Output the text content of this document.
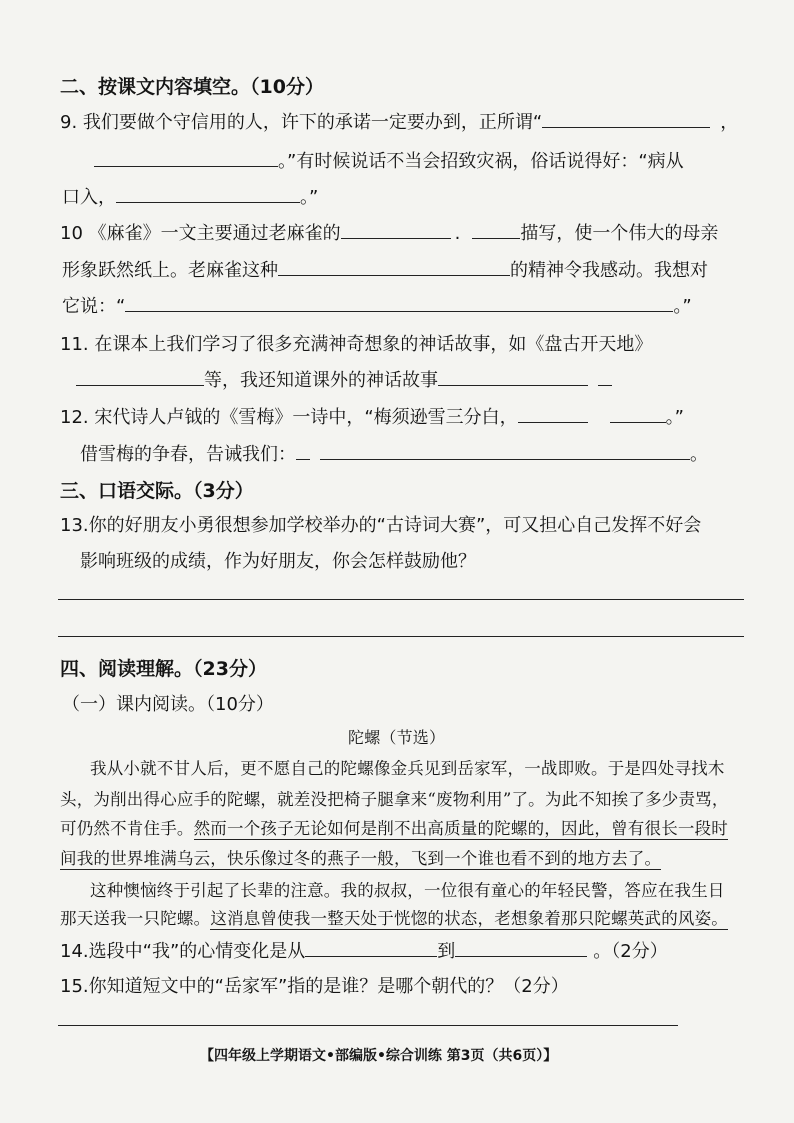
二、按课文内容填空。（10分）
9. 我们要做个守信用的人，许下的承诺一定要办到，正所谓“	，
。”有时候说话不当会招致灾祸，俗话说得好：“病从
口入，	。”
10 《麻雀》一文主要通过老麻雀的	.	描写，使一个伟大的母亲
形象跃然纸上。老麻雀这种	的精神令我感动。我想对
它说：“	。”
11. 在课本上我们学习了很多充满神奇想象的神话故事，如《盘古开天地》
等，我还知道课外的神话故事
12. 宋代诗人卢钺的《雪梅》一诗中，“梅须逊雪三分白，	。”
借雪梅的争春，告诫我们：	。
三、口语交际。（3分）
13.你的好朋友小勇很想参加学校举办的“古诗词大赛”，可又担心自己发挥不好会
影响班级的成绩，作为好朋友，你会怎样鼓励他？
四、阅读理解。（23分）
（一）课内阅读。（10分）
陀螺（节选）
我从小就不甘人后，更不愿自己的陀螺像金兵见到岳家军，一战即败。于是四处寻找木
头，为削出得心应手的陀螺，就差没把椅子腿拿来“废物利用”了。为此不知挨了多少责骂，
可仍然不肯住手。然而一个孩子无论如何是削不出高质量的陀螺的，因此，曾有很长一段时
间我的世界堆满乌云，快乐像过冬的燕子一般，飞到一个谁也看不到的地方去了。
这种懊恼终于引起了长辈的注意。我的叔叔，一位很有童心的年轻民警，答应在我生日
那天送我一只陀螺。这消息曾使我一整天处于恍惚的状态，老想象着那只陀螺英武的风姿。
14.选段中“我”的心情变化是从	到	。（2分）
15.你知道短文中的“岳家军”指的是谁？是哪个朝代的？（2分）
【四年级上学期语文•部编版•综合训练 第3页（共6页）】
